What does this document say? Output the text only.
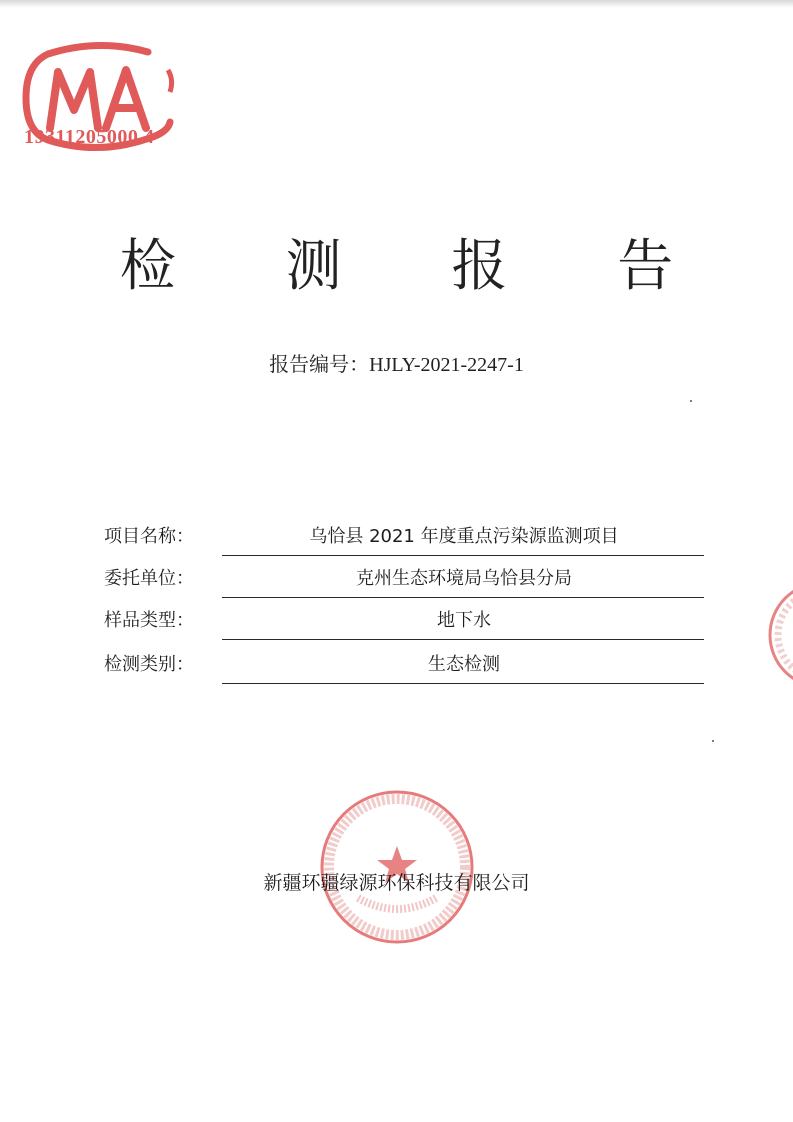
19311205000 4
检 测 报 告
报告编号：HJLY-2021-2247-1
项目名称：	乌恰县 2021 年度重点污染源监测项目
委托单位：	克州生态环境局乌恰县分局
样品类型：	地下水
检测类别：	生态检测
新疆环疆绿源环保科技有限公司
